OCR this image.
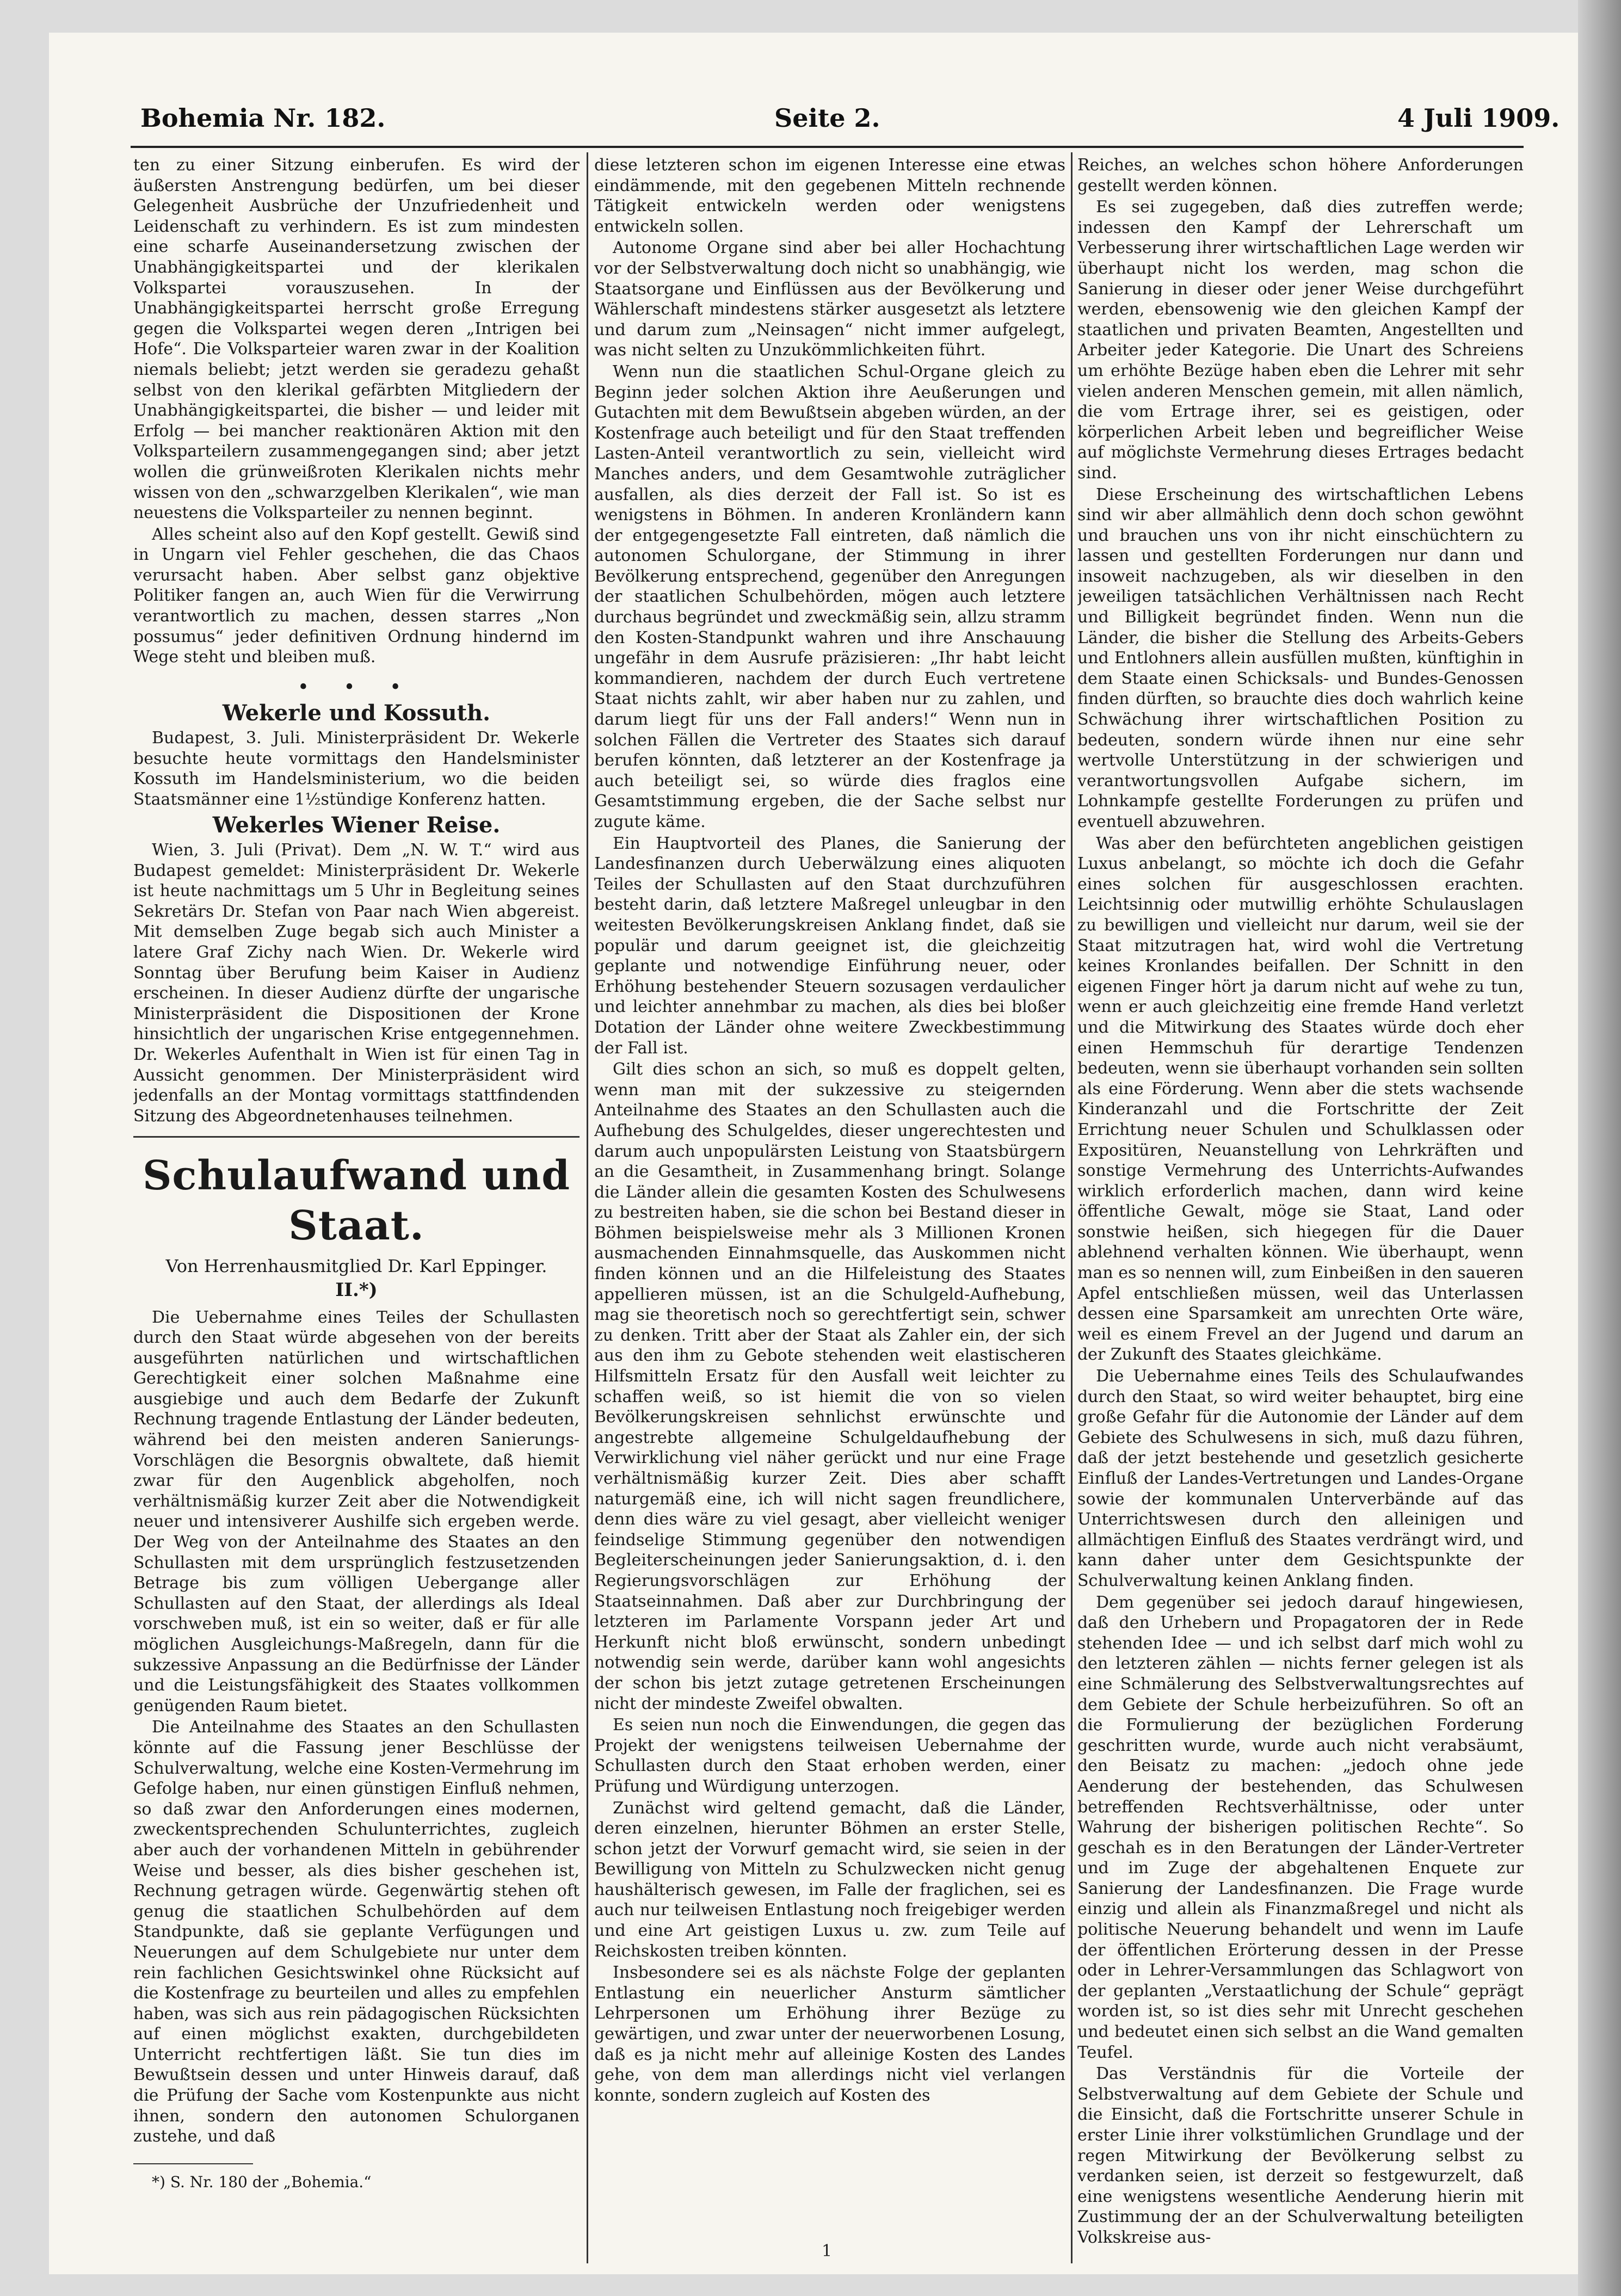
Bohemia Nr. 182.	Seite 2.	4 Juli 1909.

ten zu einer Sitzung einberufen. Es wird der äußersten Anstrengung bedürfen, um bei dieser Gelegenheit Ausbrüche der Unzufriedenheit und Leidenschaft zu verhindern. Es ist zum mindesten eine scharfe Auseinandersetzung zwischen der Unabhängigkeitspartei und der klerikalen Volkspartei vorauszusehen. In der Unabhängigkeitspartei herrscht große Erregung gegen die Volkspartei wegen deren „Intrigen bei Hofe“. Die Volksparteier waren zwar in der Koalition niemals beliebt; jetzt werden sie geradezu gehaßt selbst von den klerikal gefärbten Mitgliedern der Unabhängigkeitspartei, die bisher — und leider mit Erfolg — bei mancher reaktionären Aktion mit den Volksparteilern zusammengegangen sind; aber jetzt wollen die grünweißroten Klerikalen nichts mehr wissen von den „schwarzgelben Klerikalen“, wie man neuestens die Volksparteiler zu nennen beginnt.

Alles scheint also auf den Kopf gestellt. Gewiß sind in Ungarn viel Fehler geschehen, die das Chaos verursacht haben. Aber selbst ganz objektive Politiker fangen an, auch Wien für die Verwirrung verantwortlich zu machen, dessen starres „Non possumus“ jeder definitiven Ordnung hindernd im Wege steht und bleiben muß.

• • •
Wekerle und Kossuth.

Budapest, 3. Juli. Ministerpräsident Dr. Wekerle besuchte heute vormittags den Handelsminister Kossuth im Handelsministerium, wo die beiden Staatsmänner eine 1½stündige Konferenz hatten.

Wekerles Wiener Reise.

Wien, 3. Juli (Privat). Dem „N. W. T.“ wird aus Budapest gemeldet: Ministerpräsident Dr. Wekerle ist heute nachmittags um 5 Uhr in Begleitung seines Sekretärs Dr. Stefan von Paar nach Wien abgereist. Mit demselben Zuge begab sich auch Minister a latere Graf Zichy nach Wien. Dr. Wekerle wird Sonntag über Berufung beim Kaiser in Audienz erscheinen. In dieser Audienz dürfte der ungarische Ministerpräsident die Dispositionen der Krone hinsichtlich der ungarischen Krise entgegennehmen. Dr. Wekerles Aufenthalt in Wien ist für einen Tag in Aussicht genommen. Der Ministerpräsident wird jedenfalls an der Montag vormittags stattfindenden Sitzung des Abgeordnetenhauses teilnehmen.

Schulaufwand und Staat.
Von Herrenhausmitglied Dr. Karl Eppinger.
II.*)

Die Uebernahme eines Teiles der Schullasten durch den Staat würde abgesehen von der bereits ausgeführten natürlichen und wirtschaftlichen Gerechtigkeit einer solchen Maßnahme eine ausgiebige und auch dem Bedarfe der Zukunft Rechnung tragende Entlastung der Länder bedeuten, während bei den meisten anderen Sanierungs-Vorschlägen die Besorgnis obwaltete, daß hiemit zwar für den Augenblick abgeholfen, noch verhältnismäßig kurzer Zeit aber die Notwendigkeit neuer und intensiverer Aushilfe sich ergeben werde. Der Weg von der Anteilnahme des Staates an den Schullasten mit dem ursprünglich festzusetzenden Betrage bis zum völligen Uebergange aller Schullasten auf den Staat, der allerdings als Ideal vorschweben muß, ist ein so weiter, daß er für alle möglichen Ausgleichungs-Maßregeln, dann für die sukzessive Anpassung an die Bedürfnisse der Länder und die Leistungsfähigkeit des Staates vollkommen genügenden Raum bietet.

Die Anteilnahme des Staates an den Schullasten könnte auf die Fassung jener Beschlüsse der Schulverwaltung, welche eine Kosten-Vermehrung im Gefolge haben, nur einen günstigen Einfluß nehmen, so daß zwar den Anforderungen eines modernen, zweckentsprechenden Schulunterrichtes, zugleich aber auch der vorhandenen Mitteln in gebührender Weise und besser, als dies bisher geschehen ist, Rechnung getragen würde. Gegenwärtig stehen oft genug die staatlichen Schulbehörden auf dem Standpunkte, daß sie geplante Verfügungen und Neuerungen auf dem Schulgebiete nur unter dem rein fachlichen Gesichtswinkel ohne Rücksicht auf die Kostenfrage zu beurteilen und alles zu empfehlen haben, was sich aus rein pädagogischen Rücksichten auf einen möglichst exakten, durchgebildeten Unterricht rechtfertigen läßt. Sie tun dies im Bewußtsein dessen und unter Hinweis darauf, daß die Prüfung der Sache vom Kostenpunkte aus nicht ihnen, sondern den autonomen Schulorganen zustehe, und daß

*) S. Nr. 180 der „Bohemia.“

diese letzteren schon im eigenen Interesse eine etwas eindämmende, mit den gegebenen Mitteln rechnende Tätigkeit entwickeln werden oder wenigstens entwickeln sollen.

Autonome Organe sind aber bei aller Hochachtung vor der Selbstverwaltung doch nicht so unabhängig, wie Staatsorgane und Einflüssen aus der Bevölkerung und Wählerschaft mindestens stärker ausgesetzt als letztere und darum zum „Neinsagen“ nicht immer aufgelegt, was nicht selten zu Unzukömmlichkeiten führt.

Wenn nun die staatlichen Schul-Organe gleich zu Beginn jeder solchen Aktion ihre Aeußerungen und Gutachten mit dem Bewußtsein abgeben würden, an der Kostenfrage auch beteiligt und für den Staat treffenden Lasten-Anteil verantwortlich zu sein, vielleicht wird Manches anders, und dem Gesamtwohle zuträglicher ausfallen, als dies derzeit der Fall ist. So ist es wenigstens in Böhmen. In anderen Kronländern kann der entgegengesetzte Fall eintreten, daß nämlich die autonomen Schulorgane, der Stimmung in ihrer Bevölkerung entsprechend, gegenüber den Anregungen der staatlichen Schulbehörden, mögen auch letztere durchaus begründet und zweckmäßig sein, allzu stramm den Kosten-Standpunkt wahren und ihre Anschauung ungefähr in dem Ausrufe präzisieren: „Ihr habt leicht kommandieren, nachdem der durch Euch vertretene Staat nichts zahlt, wir aber haben nur zu zahlen, und darum liegt für uns der Fall anders!“ Wenn nun in solchen Fällen die Vertreter des Staates sich darauf berufen könnten, daß letzterer an der Kostenfrage ja auch beteiligt sei, so würde dies fraglos eine Gesamtstimmung ergeben, die der Sache selbst nur zugute käme.

Ein Hauptvorteil des Planes, die Sanierung der Landesfinanzen durch Ueberwälzung eines aliquoten Teiles der Schullasten auf den Staat durchzuführen besteht darin, daß letztere Maßregel unleugbar in den weitesten Bevölkerungskreisen Anklang findet, daß sie populär und darum geeignet ist, die gleichzeitig geplante und notwendige Einführung neuer, oder Erhöhung bestehender Steuern sozusagen verdaulicher und leichter annehmbar zu machen, als dies bei bloßer Dotation der Länder ohne weitere Zweckbestimmung der Fall ist.

Gilt dies schon an sich, so muß es doppelt gelten, wenn man mit der sukzessive zu steigernden Anteilnahme des Staates an den Schullasten auch die Aufhebung des Schulgeldes, dieser ungerechtesten und darum auch unpopulärsten Leistung von Staatsbürgern an die Gesamtheit, in Zusammenhang bringt. Solange die Länder allein die gesamten Kosten des Schulwesens zu bestreiten haben, sie die schon bei Bestand dieser in Böhmen beispielsweise mehr als 3 Millionen Kronen ausmachenden Einnahmsquelle, das Auskommen nicht finden können und an die Hilfeleistung des Staates appellieren müssen, ist an die Schulgeld-Aufhebung, mag sie theoretisch noch so gerechtfertigt sein, schwer zu denken. Tritt aber der Staat als Zahler ein, der sich aus den ihm zu Gebote stehenden weit elastischeren Hilfsmitteln Ersatz für den Ausfall weit leichter zu schaffen weiß, so ist hiemit die von so vielen Bevölkerungskreisen sehnlichst erwünschte und angestrebte allgemeine Schulgeldaufhebung der Verwirklichung viel näher gerückt und nur eine Frage verhältnismäßig kurzer Zeit. Dies aber schafft naturgemäß eine, ich will nicht sagen freundlichere, denn dies wäre zu viel gesagt, aber vielleicht weniger feindselige Stimmung gegenüber den notwendigen Begleiterscheinungen jeder Sanierungsaktion, d. i. den Regierungsvorschlägen zur Erhöhung der Staatseinnahmen. Daß aber zur Durchbringung der letzteren im Parlamente Vorspann jeder Art und Herkunft nicht bloß erwünscht, sondern unbedingt notwendig sein werde, darüber kann wohl angesichts der schon bis jetzt zutage getretenen Erscheinungen nicht der mindeste Zweifel obwalten.

Es seien nun noch die Einwendungen, die gegen das Projekt der wenigstens teilweisen Uebernahme der Schullasten durch den Staat erhoben werden, einer Prüfung und Würdigung unterzogen.

Zunächst wird geltend gemacht, daß die Länder, deren einzelnen, hierunter Böhmen an erster Stelle, schon jetzt der Vorwurf gemacht wird, sie seien in der Bewilligung von Mitteln zu Schulzwecken nicht genug haushälterisch gewesen, im Falle der fraglichen, sei es auch nur teilweisen Entlastung noch freigebiger werden und eine Art geistigen Luxus u. zw. zum Teile auf Reichskosten treiben könnten.

Insbesondere sei es als nächste Folge der geplanten Entlastung ein neuerlicher Ansturm sämtlicher Lehrpersonen um Erhöhung ihrer Bezüge zu gewärtigen, und zwar unter der neuerworbenen Losung, daß es ja nicht mehr auf alleinige Kosten des Landes gehe, von dem man allerdings nicht viel verlangen konnte, sondern zugleich auf Kosten des

Reiches, an welches schon höhere Anforderungen gestellt werden können.

Es sei zugegeben, daß dies zutreffen werde; indessen den Kampf der Lehrerschaft um Verbesserung ihrer wirtschaftlichen Lage werden wir überhaupt nicht los werden, mag schon die Sanierung in dieser oder jener Weise durchgeführt werden, ebensowenig wie den gleichen Kampf der staatlichen und privaten Beamten, Angestellten und Arbeiter jeder Kategorie. Die Unart des Schreiens um erhöhte Bezüge haben eben die Lehrer mit sehr vielen anderen Menschen gemein, mit allen nämlich, die vom Ertrage ihrer, sei es geistigen, oder körperlichen Arbeit leben und begreiflicher Weise auf möglichste Vermehrung dieses Ertrages bedacht sind.

Diese Erscheinung des wirtschaftlichen Lebens sind wir aber allmählich denn doch schon gewöhnt und brauchen uns von ihr nicht einschüchtern zu lassen und gestellten Forderungen nur dann und insoweit nachzugeben, als wir dieselben in den jeweiligen tatsächlichen Verhältnissen nach Recht und Billigkeit begründet finden. Wenn nun die Länder, die bisher die Stellung des Arbeits-Gebers und Entlohners allein ausfüllen mußten, künftighin in dem Staate einen Schicksals- und Bundes-Genossen finden dürften, so brauchte dies doch wahrlich keine Schwächung ihrer wirtschaftlichen Position zu bedeuten, sondern würde ihnen nur eine sehr wertvolle Unterstützung in der schwierigen und verantwortungsvollen Aufgabe sichern, im Lohnkampfe gestellte Forderungen zu prüfen und eventuell abzuwehren.

Was aber den befürchteten angeblichen geistigen Luxus anbelangt, so möchte ich doch die Gefahr eines solchen für ausgeschlossen erachten. Leichtsinnig oder mutwillig erhöhte Schulauslagen zu bewilligen und vielleicht nur darum, weil sie der Staat mitzutragen hat, wird wohl die Vertretung keines Kronlandes beifallen. Der Schnitt in den eigenen Finger hört ja darum nicht auf wehe zu tun, wenn er auch gleichzeitig eine fremde Hand verletzt und die Mitwirkung des Staates würde doch eher einen Hemmschuh für derartige Tendenzen bedeuten, wenn sie überhaupt vorhanden sein sollten als eine Förderung. Wenn aber die stets wachsende Kinderanzahl und die Fortschritte der Zeit Errichtung neuer Schulen und Schulklassen oder Expositüren, Neuanstellung von Lehrkräften und sonstige Vermehrung des Unterrichts-Aufwandes wirklich erforderlich machen, dann wird keine öffentliche Gewalt, möge sie Staat, Land oder sonstwie heißen, sich hiegegen für die Dauer ablehnend verhalten können. Wie überhaupt, wenn man es so nennen will, zum Einbeißen in den saueren Apfel entschließen müssen, weil das Unterlassen dessen eine Sparsamkeit am unrechten Orte wäre, weil es einem Frevel an der Jugend und darum an der Zukunft des Staates gleichkäme.

Die Uebernahme eines Teils des Schulaufwandes durch den Staat, so wird weiter behauptet, birg eine große Gefahr für die Autonomie der Länder auf dem Gebiete des Schulwesens in sich, muß dazu führen, daß der jetzt bestehende und gesetzlich gesicherte Einfluß der Landes-Vertretungen und Landes-Organe sowie der kommunalen Unterverbände auf das Unterrichtswesen durch den alleinigen und allmächtigen Einfluß des Staates verdrängt wird, und kann daher unter dem Gesichtspunkte der Schulverwaltung keinen Anklang finden.

Dem gegenüber sei jedoch darauf hingewiesen, daß den Urhebern und Propagatoren der in Rede stehenden Idee — und ich selbst darf mich wohl zu den letzteren zählen — nichts ferner gelegen ist als eine Schmälerung des Selbstverwaltungsrechtes auf dem Gebiete der Schule herbeizuführen. So oft an die Formulierung der bezüglichen Forderung geschritten wurde, wurde auch nicht verabsäumt, den Beisatz zu machen: „jedoch ohne jede Aenderung der bestehenden, das Schulwesen betreffenden Rechtsverhältnisse, oder unter Wahrung der bisherigen politischen Rechte“. So geschah es in den Beratungen der Länder-Vertreter und im Zuge der abgehaltenen Enquete zur Sanierung der Landesfinanzen. Die Frage wurde einzig und allein als Finanzmaßregel und nicht als politische Neuerung behandelt und wenn im Laufe der öffentlichen Erörterung dessen in der Presse oder in Lehrer-Versammlungen das Schlagwort von der geplanten „Verstaatlichung der Schule“ geprägt worden ist, so ist dies sehr mit Unrecht geschehen und bedeutet einen sich selbst an die Wand gemalten Teufel.

Das Verständnis für die Vorteile der Selbstverwaltung auf dem Gebiete der Schule und die Einsicht, daß die Fortschritte unserer Schule in erster Linie ihrer volkstümlichen Grundlage und der regen Mitwirkung der Bevölkerung selbst zu verdanken seien, ist derzeit so festgewurzelt, daß eine wenigstens wesentliche Aenderung hierin mit Zustimmung der an der Schulverwaltung beteiligten Volkskreise aus-

1
